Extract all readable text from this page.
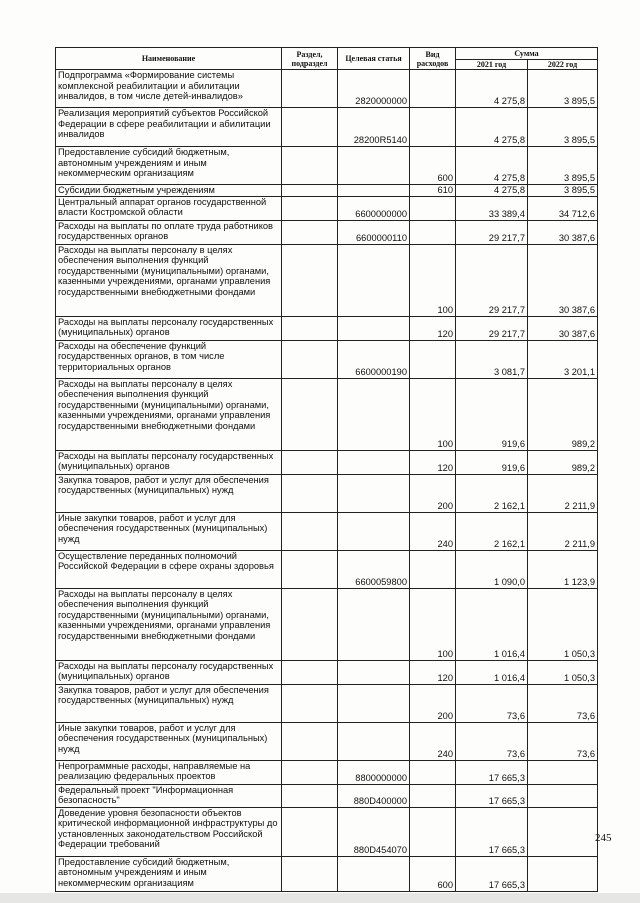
Наименование	Раздел, подраздел	Целевая статья	Вид расходов	Сумма	
				2021 год	2022 год
Подпрограмма «Формирование системы комплексной реабилитации и абилитации инвалидов, в том числе детей-инвалидов»		2820000000		4 275,8	3 895,5
Реализация мероприятий субъектов Российской Федерации в сфере реабилитации и абилитации инвалидов		28200R5140		4 275,8	3 895,5
Предоставление субсидий бюджетным, автономным учреждениям и иным некоммерческим организациям			600	4 275,8	3 895,5
Субсидии бюджетным учреждениям			610	4 275,8	3 895,5
Центральный аппарат органов государственной власти Костромской области		6600000000		33 389,4	34 712,6
Расходы на выплаты по оплате труда работников государственных органов		6600000110		29 217,7	30 387,6
Расходы на выплаты персоналу в целях обеспечения выполнения функций государственными (муниципальными) органами, казенными учреждениями, органами управления государственными внебюджетными фондами			100	29 217,7	30 387,6
Расходы на выплаты персоналу государственных (муниципальных) органов			120	29 217,7	30 387,6
Расходы на обеспечение функций государственных органов, в том числе территориальных органов		6600000190		3 081,7	3 201,1
Расходы на выплаты персоналу в целях обеспечения выполнения функций государственными (муниципальными) органами, казенными учреждениями, органами управления государственными внебюджетными фондами			100	919,6	989,2
Расходы на выплаты персоналу государственных (муниципальных) органов			120	919,6	989,2
Закупка товаров, работ и услуг для обеспечения государственных (муниципальных) нужд			200	2 162,1	2 211,9
Иные закупки товаров, работ и услуг для обеспечения государственных (муниципальных) нужд			240	2 162,1	2 211,9
Осуществление переданных полномочий Российской Федерации в сфере охраны здоровья		6600059800		1 090,0	1 123,9
Расходы на выплаты персоналу в целях обеспечения выполнения функций государственными (муниципальными) органами, казенными учреждениями, органами управления государственными внебюджетными фондами			100	1 016,4	1 050,3
Расходы на выплаты персоналу государственных (муниципальных) органов			120	1 016,4	1 050,3
Закупка товаров, работ и услуг для обеспечения государственных (муниципальных) нужд			200	73,6	73,6
Иные закупки товаров, работ и услуг для обеспечения государственных (муниципальных) нужд			240	73,6	73,6
Непрограммные расходы, направляемые на реализацию федеральных проектов		8800000000		17 665,3	
Федеральный проект "Информационная безопасность"		880D400000		17 665,3	
Доведение уровня безопасности объектов критической информационной инфраструктуры до установленных законодательством Российской Федерации требований		880D454070		17 665,3	
Предоставление субсидий бюджетным, автономным учреждениям и иным некоммерческим организациям			600	17 665,3	
245
